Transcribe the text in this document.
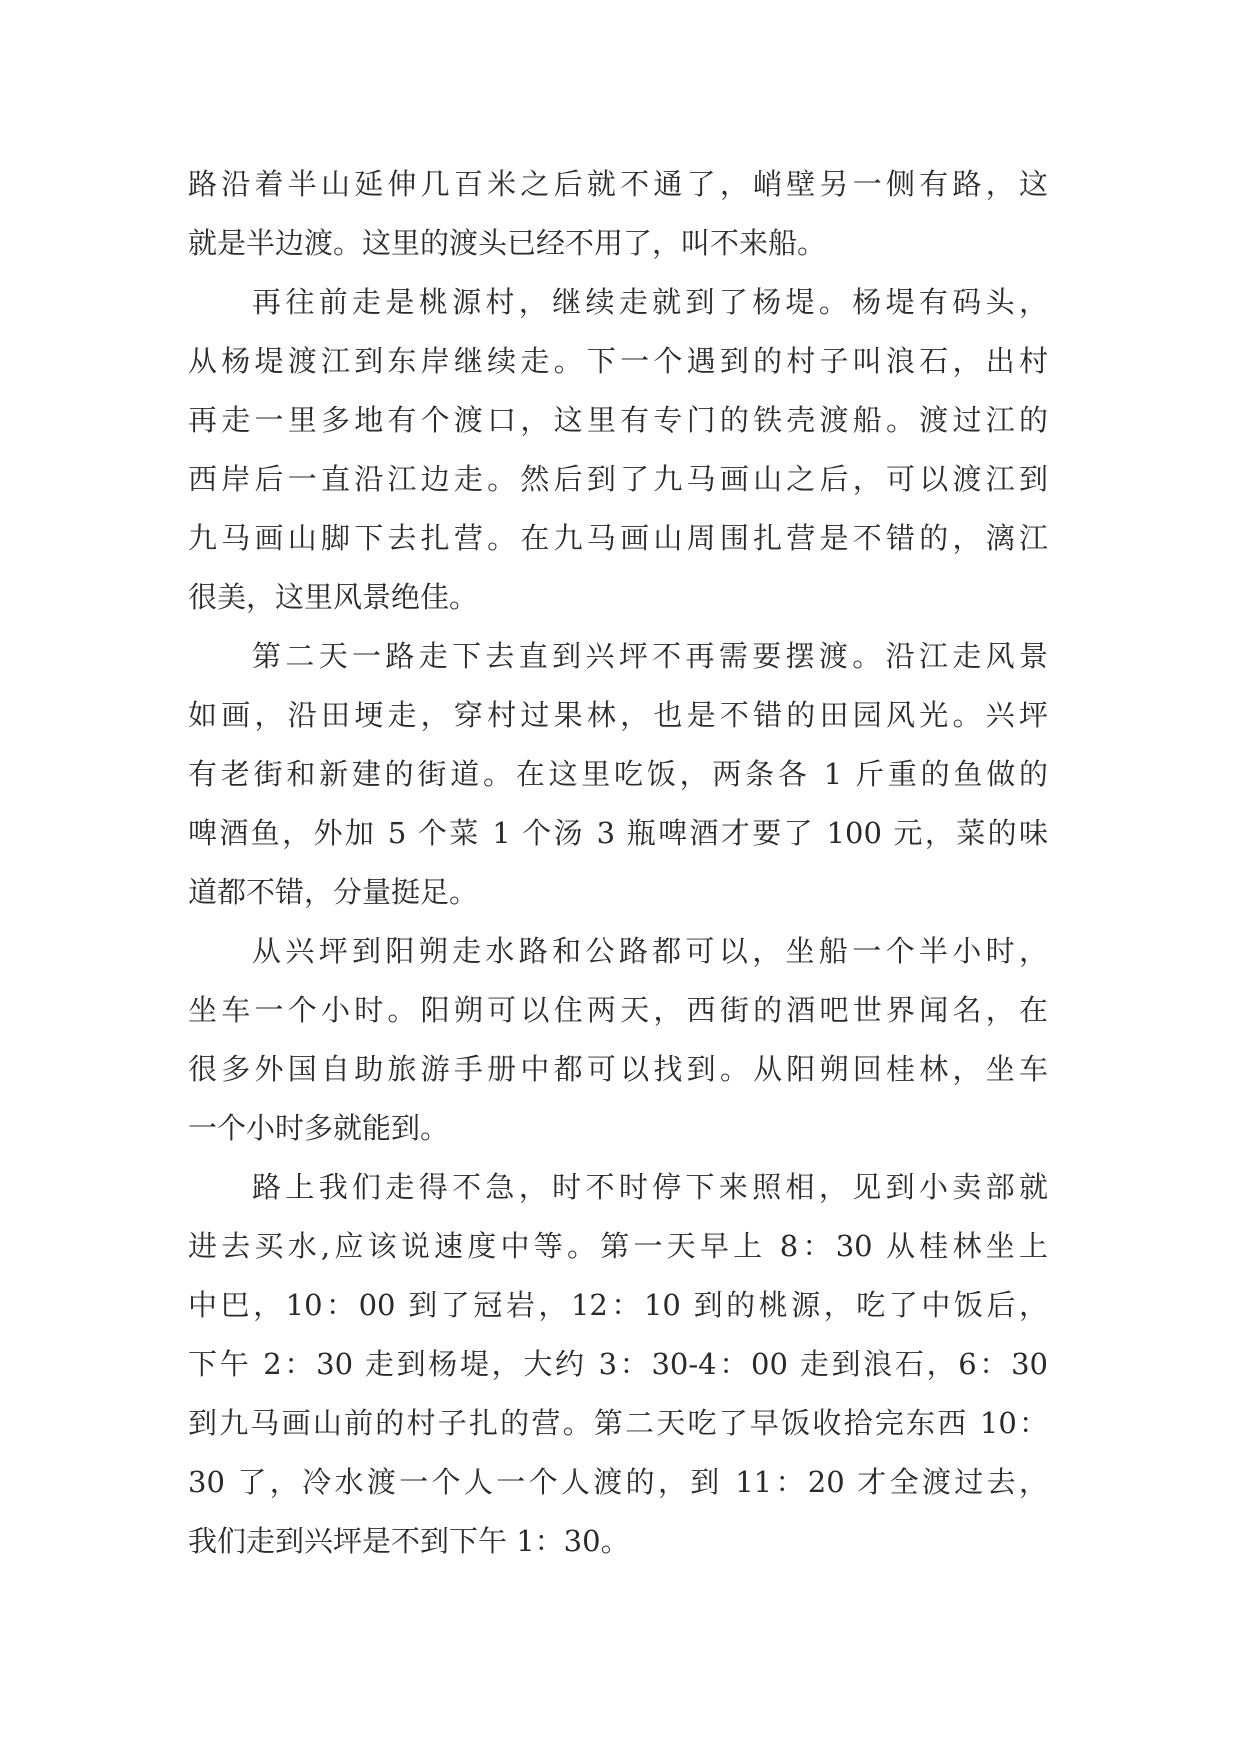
路沿着半山延伸几百米之后就不通了，峭壁另一侧有路，这
就是半边渡。这里的渡头已经不用了，叫不来船。
再往前走是桃源村，继续走就到了杨堤。杨堤有码头，
从杨堤渡江到东岸继续走。下一个遇到的村子叫浪石，出村
再走一里多地有个渡口，这里有专门的铁壳渡船。渡过江的
西岸后一直沿江边走。然后到了九马画山之后，可以渡江到
九马画山脚下去扎营。在九马画山周围扎营是不错的，漓江
很美，这里风景绝佳。
第二天一路走下去直到兴坪不再需要摆渡。沿江走风景
如画，沿田埂走，穿村过果林，也是不错的田园风光。兴坪
有老街和新建的街道。在这里吃饭，两条各 1 斤重的鱼做的
啤酒鱼，外加 5 个菜 1 个汤 3 瓶啤酒才要了 100 元，菜的味
道都不错，分量挺足。
从兴坪到阳朔走水路和公路都可以，坐船一个半小时，
坐车一个小时。阳朔可以住两天，西街的酒吧世界闻名，在
很多外国自助旅游手册中都可以找到。从阳朔回桂林，坐车
一个小时多就能到。
路上我们走得不急，时不时停下来照相，见到小卖部就
进去买水,应该说速度中等。第一天早上 8：30 从桂林坐上
中巴，10：00 到了冠岩，12：10 到的桃源，吃了中饭后，
下午 2：30 走到杨堤，大约 3：30-4：00 走到浪石，6：30
到九马画山前的村子扎的营。第二天吃了早饭收拾完东西 10：
30 了，冷水渡一个人一个人渡的，到 11：20 才全渡过去，
我们走到兴坪是不到下午 1：30。
